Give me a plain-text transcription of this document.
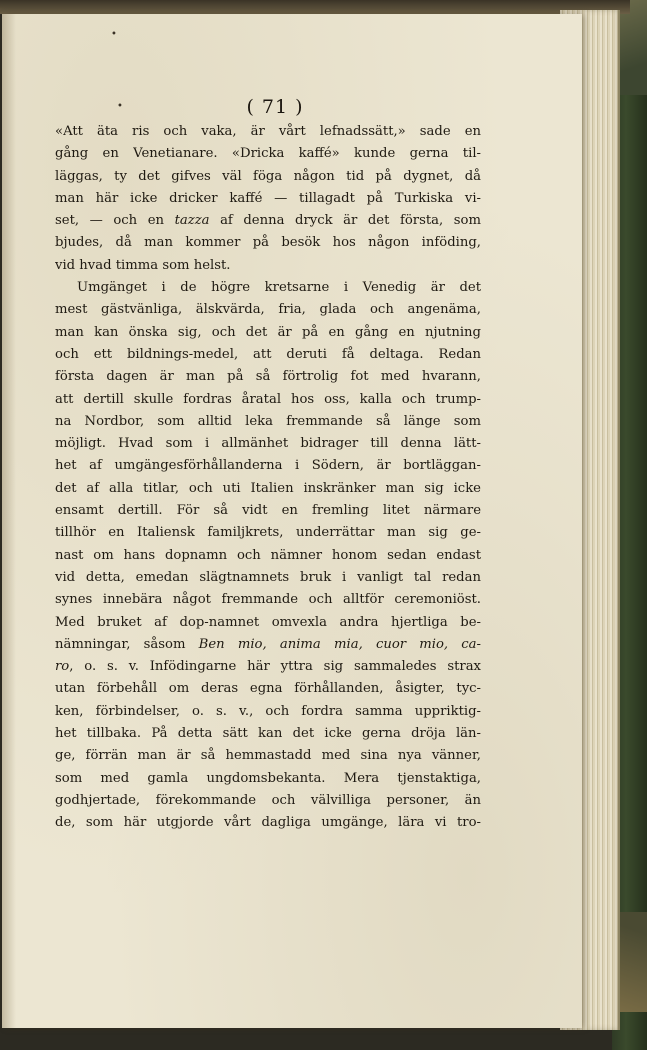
•
•	( 71 )
«Att äta ris och vaka, är vårt lefnadssätt,» sade en
gång en Venetianare. «Dricka kaffé» kunde gerna til-
läggas, ty det gifves väl föga någon tid på dygnet, då
man här icke dricker kaffé — tillagadt på Turkiska vi-
set, — och en tazza af denna dryck är det första, som
bjudes, då man kommer på besök hos någon inföding,
vid hvad timma som helst.
Umgänget i de högre kretsarne i Venedig är det
mest gästvänliga, älskvärda, fria, glada och angenäma,
man kan önska sig, och det är på en gång en njutning
och ett bildnings-medel, att deruti få deltaga. Redan
första dagen är man på så förtrolig fot med hvarann,
att dertill skulle fordras åratal hos oss, kalla och trump-
na Nordbor, som alltid leka fremmande så länge som
möjligt. Hvad som i allmänhet bidrager till denna lätt-
het af umgängesförhållanderna i Södern, är bortläggan-
det af alla titlar, och uti Italien inskränker man sig icke
ensamt dertill. För så vidt en fremling litet närmare
tillhör en Italiensk familjkrets, underrättar man sig ge-
nast om hans dopnamn och nämner honom sedan endast
vid detta, emedan slägtnamnets bruk i vanligt tal redan
synes innebära något fremmande och alltför ceremoniöst.
Med bruket af dop-namnet omvexla andra hjertliga be-
nämningar, såsom Ben mio, anima mia, cuor mio, ca-
ro, o. s. v. Infödingarne här yttra sig sammaledes strax
utan förbehåll om deras egna förhållanden, åsigter, tyc-
ken, förbindelser, o. s. v., och fordra samma uppriktig-
het tillbaka. På detta sätt kan det icke gerna dröja län-
ge, förrän man är så hemmastadd med sina nya vänner,
som med gamla ungdomsbekanta. Mera tjenstaktiga,
godhjertade, förekommande och välvilliga personer, än
de, som här utgjorde vårt dagliga umgänge, lära vi tro-
